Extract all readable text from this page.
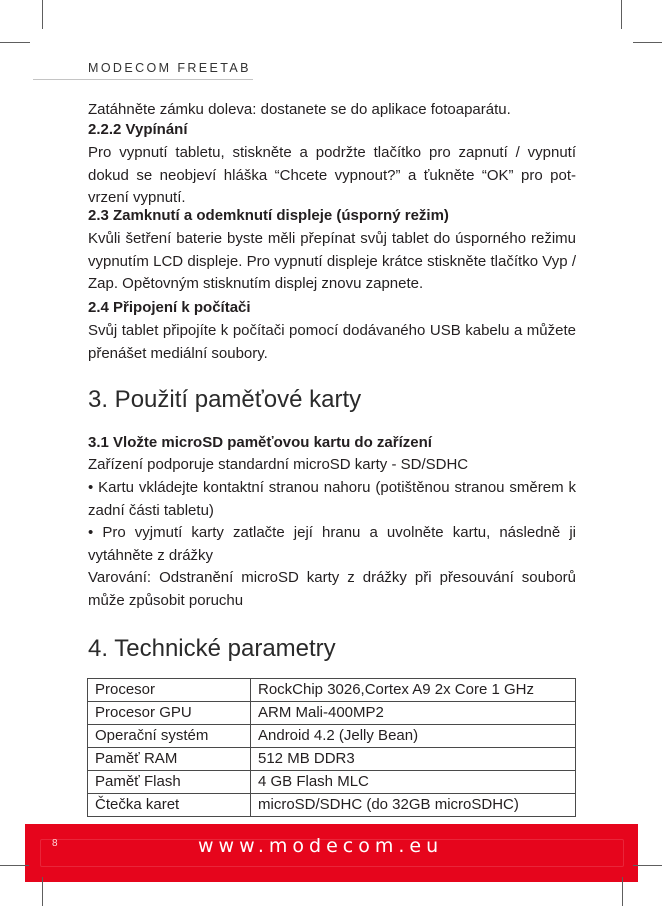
MODECOM FREETAB

Zatáhněte zámku doleva: dostanete se do aplikace fotoaparátu.

2.2.2 Vypínání

Pro vypnutí tabletu, stiskněte a podržte tlačítko pro zapnutí / vypnutí dokud se neobjeví hláška “Chcete vypnout?” a ťukněte “OK” pro pot-vrzení vypnutí.

2.3 Zamknutí a odemknutí displeje (úsporný režim)

Kvůli šetření baterie byste měli přepínat svůj tablet do úsporného režimu vypnutím LCD displeje. Pro vypnutí displeje krátce stiskněte tlačítko Vyp / Zap. Opětovným stisknutím displej znovu zapnete.

2.4 Připojení k počítači

Svůj tablet připojíte k počítači pomocí dodávaného USB kabelu a můžete přenášet mediální soubory.

3. Použití paměťové karty
3.1 Vložte microSD paměťovou kartu do zařízení

Zařízení podporuje standardní microSD karty - SD/SDHC

• Kartu vkládejte kontaktní stranou nahoru (potištěnou stranou směrem k zadní části tabletu)

• Pro vyjmutí karty zatlačte její hranu a uvolněte kartu, následně ji vytáhněte z drážky

Varování: Odstranění microSD karty z drážky při přesouvání souborů může způsobit poruchu

4. Technické parametry
Procesor	RockChip 3026,Cortex A9 2x Core 1 GHz
Procesor GPU	ARM Mali-400MP2
Operační systém	Android 4.2 (Jelly Bean)
Paměť RAM	512 MB DDR3
Paměť Flash	4 GB Flash MLC
Čtečka karet	microSD/SDHC (do 32GB microSDHC)
8	www.modecom.eu
